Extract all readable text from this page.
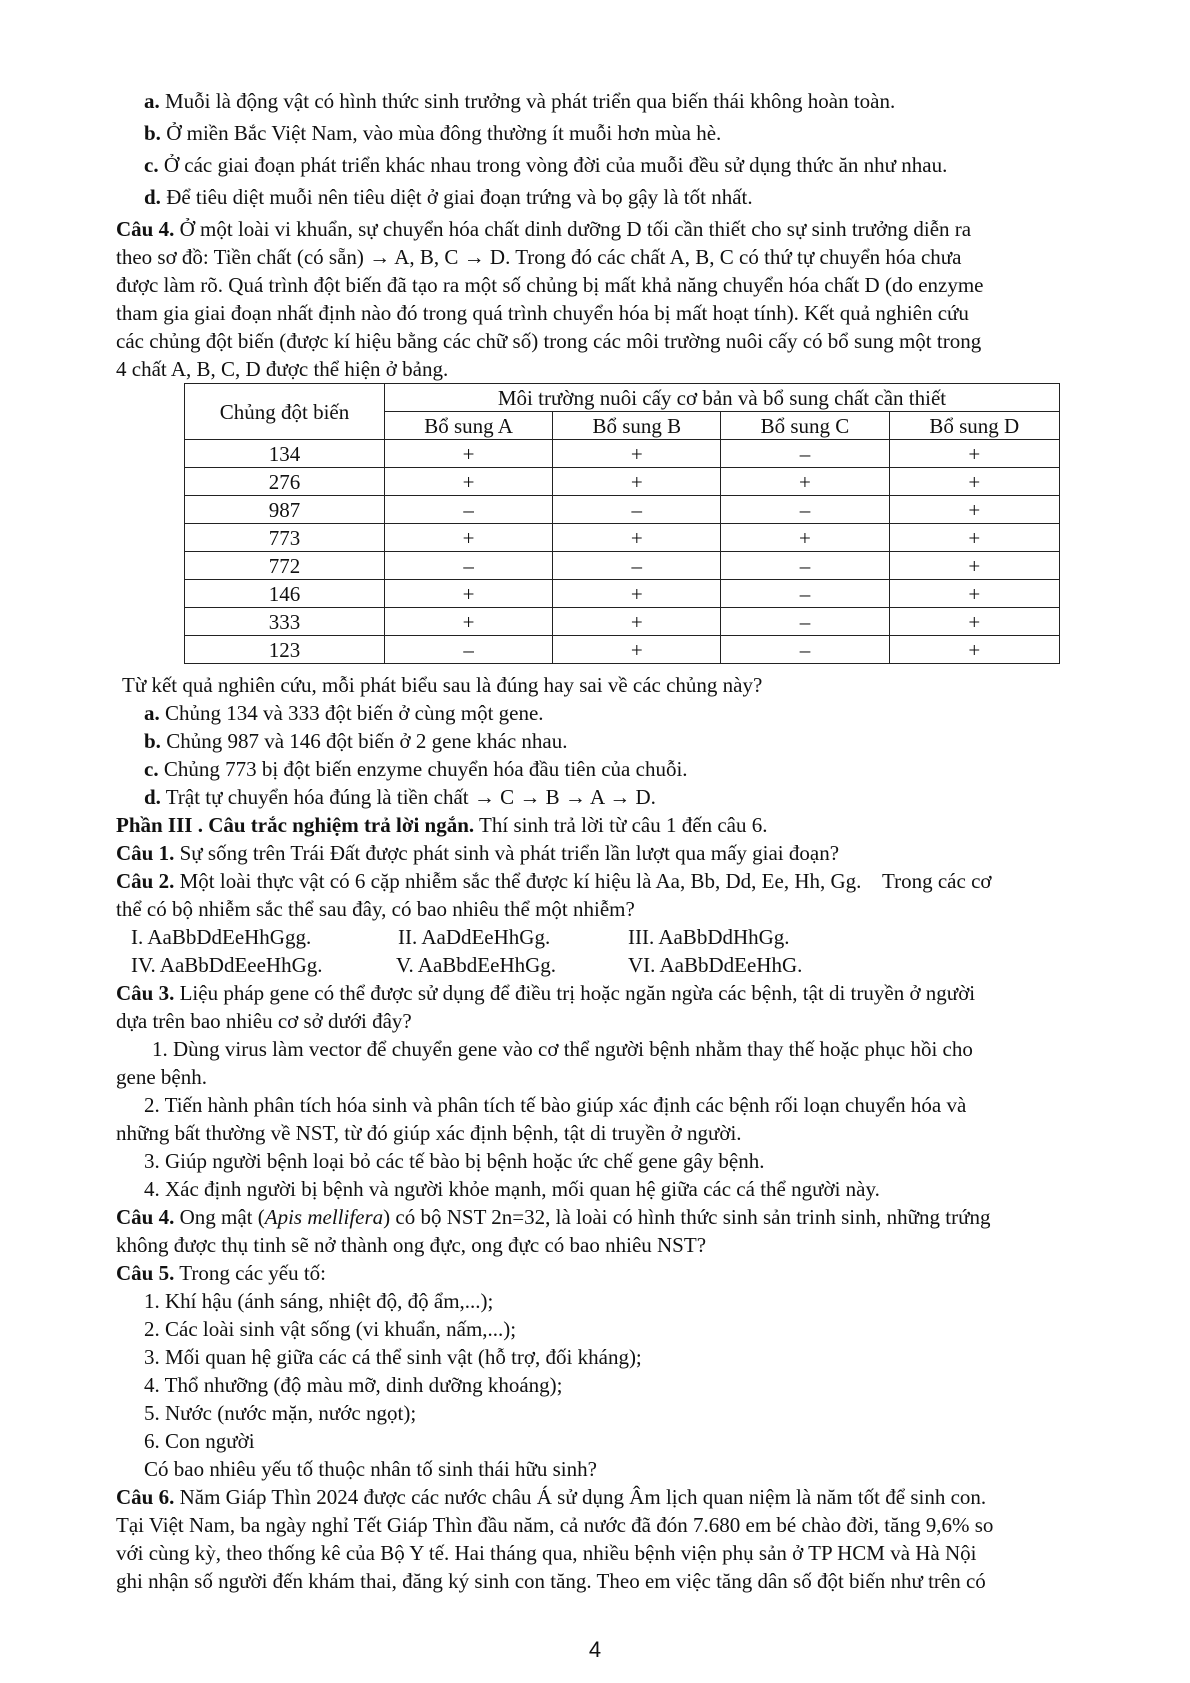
a. Muỗi là động vật có hình thức sinh trưởng và phát triển qua biến thái không hoàn toàn.
b. Ở miền Bắc Việt Nam, vào mùa đông thường ít muỗi hơn mùa hè.
c. Ở các giai đoạn phát triển khác nhau trong vòng đời của muỗi đều sử dụng thức ăn như nhau.
d. Để tiêu diệt muỗi nên tiêu diệt ở giai đoạn trứng và bọ gậy là tốt nhất.
Câu 4. Ở một loài vi khuẩn, sự chuyển hóa chất dinh dưỡng D tối cần thiết cho sự sinh trưởng diễn ra
theo sơ đồ: Tiền chất (có sẵn) → A, B, C → D. Trong đó các chất A, B, C có thứ tự chuyển hóa chưa
được làm rõ. Quá trình đột biến đã tạo ra một số chủng bị mất khả năng chuyển hóa chất D (do enzyme
tham gia giai đoạn nhất định nào đó trong quá trình chuyển hóa bị mất hoạt tính). Kết quả nghiên cứu
các chủng đột biến (được kí hiệu bằng các chữ số) trong các môi trường nuôi cấy có bổ sung một trong
4 chất A, B, C, D được thể hiện ở bảng.
Chủng đột biến	Môi trường nuôi cấy cơ bản và bổ sung chất cần thiết			
	Bổ sung A	Bổ sung B	Bổ sung C	Bổ sung D
134	+	+	–	+
276	+	+	+	+
987	–	–	–	+
773	+	+	+	+
772	–	–	–	+
146	+	+	–	+
333	+	+	–	+
123	–	+	–	+
Từ kết quả nghiên cứu, mỗi phát biểu sau là đúng hay sai về các chủng này?
a. Chủng 134 và 333 đột biến ở cùng một gene.
b. Chủng 987 và 146 đột biến ở 2 gene khác nhau.
c. Chủng 773 bị đột biến enzyme chuyển hóa đầu tiên của chuỗi.
d. Trật tự chuyển hóa đúng là tiền chất → C → B → A → D.
Phần III . Câu trắc nghiệm trả lời ngắn. Thí sinh trả lời từ câu 1 đến câu 6.
Câu 1. Sự sống trên Trái Đất được phát sinh và phát triển lần lượt qua mấy giai đoạn?
Câu 2. Một loài thực vật có 6 cặp nhiễm sắc thể được kí hiệu là Aa, Bb, Dd, Ee, Hh, Gg.    Trong các cơ
thể có bộ nhiễm sắc thể sau đây, có bao nhiêu thể một nhiễm?
I. AaBbDdEeHhGgg.	II. AaDdEeHhGg.	III. AaBbDdHhGg.
IV. AaBbDdEeeHhGg.	V. AaBbdEeHhGg.	VI. AaBbDdEeHhG.
Câu 3. Liệu pháp gene có thể được sử dụng để điều trị hoặc ngăn ngừa các bệnh, tật di truyền ở người
dựa trên bao nhiêu cơ sở dưới đây?
1. Dùng virus làm vector để chuyển gene vào cơ thể người bệnh nhằm thay thế hoặc phục hồi cho
gene bệnh.
2. Tiến hành phân tích hóa sinh và phân tích tế bào giúp xác định các bệnh rối loạn chuyển hóa và
những bất thường về NST, từ đó giúp xác định bệnh, tật di truyền ở người.
3. Giúp người bệnh loại bỏ các tế bào bị bệnh hoặc ức chế gene gây bệnh.
4. Xác định người bị bệnh và người khỏe mạnh, mối quan hệ giữa các cá thể người này.
Câu 4. Ong mật (Apis mellifera) có bộ NST 2n=32, là loài có hình thức sinh sản trinh sinh, những trứng
không được thụ tinh sẽ nở thành ong đực, ong đực có bao nhiêu NST?
Câu 5. Trong các yếu tố:
1. Khí hậu (ánh sáng, nhiệt độ, độ ẩm,...);
2. Các loài sinh vật sống (vi khuẩn, nấm,...);
3. Mối quan hệ giữa các cá thể sinh vật (hỗ trợ, đối kháng);
4. Thổ nhưỡng (độ màu mỡ, dinh dưỡng khoáng);
5. Nước (nước mặn, nước ngọt);
6. Con người
Có bao nhiêu yếu tố thuộc nhân tố sinh thái hữu sinh?
Câu 6. Năm Giáp Thìn 2024 được các nước châu Á sử dụng Âm lịch quan niệm là năm tốt để sinh con.
Tại Việt Nam, ba ngày nghỉ Tết Giáp Thìn đầu năm, cả nước đã đón 7.680 em bé chào đời, tăng 9,6% so
với cùng kỳ, theo thống kê của Bộ Y tế. Hai tháng qua, nhiều bệnh viện phụ sản ở TP HCM và Hà Nội
ghi nhận số người đến khám thai, đăng ký sinh con tăng. Theo em việc tăng dân số đột biến như trên có
4
